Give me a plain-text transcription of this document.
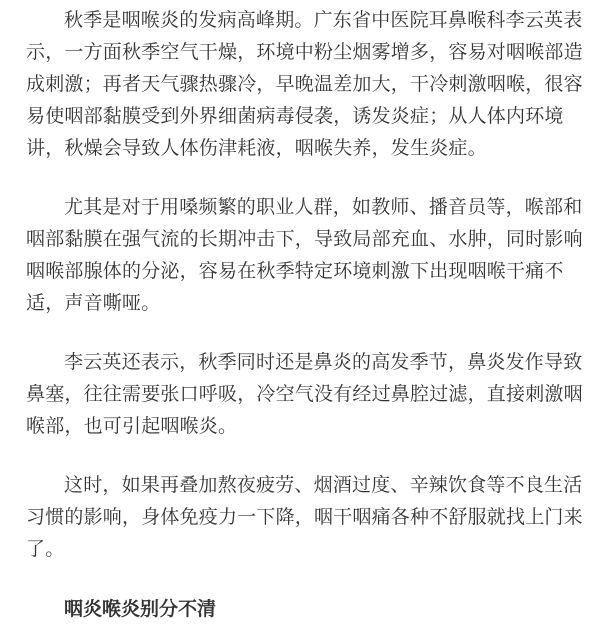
秋季是咽喉炎的发病高峰期。广东省中医院耳鼻喉科李云英表示，一方面秋季空气干燥，环境中粉尘烟雾增多，容易对咽喉部造成刺激；再者天气骤热骤冷，早晚温差加大，干冷刺激咽喉，很容易使咽部黏膜受到外界细菌病毒侵袭，诱发炎症；从人体内环境讲，秋燥会导致人体伤津耗液，咽喉失养，发生炎症。

尤其是对于用嗓频繁的职业人群，如教师、播音员等，喉部和咽部黏膜在强气流的长期冲击下，导致局部充血、水肿，同时影响咽喉部腺体的分泌，容易在秋季特定环境刺激下出现咽喉干痛不适，声音嘶哑。

李云英还表示，秋季同时还是鼻炎的高发季节，鼻炎发作导致鼻塞，往往需要张口呼吸，冷空气没有经过鼻腔过滤，直接刺激咽喉部，也可引起咽喉炎。

这时，如果再叠加熬夜疲劳、烟酒过度、辛辣饮食等不良生活习惯的影响，身体免疫力一下降，咽干咽痛各种不舒服就找上门来了。

咽炎喉炎别分不清
